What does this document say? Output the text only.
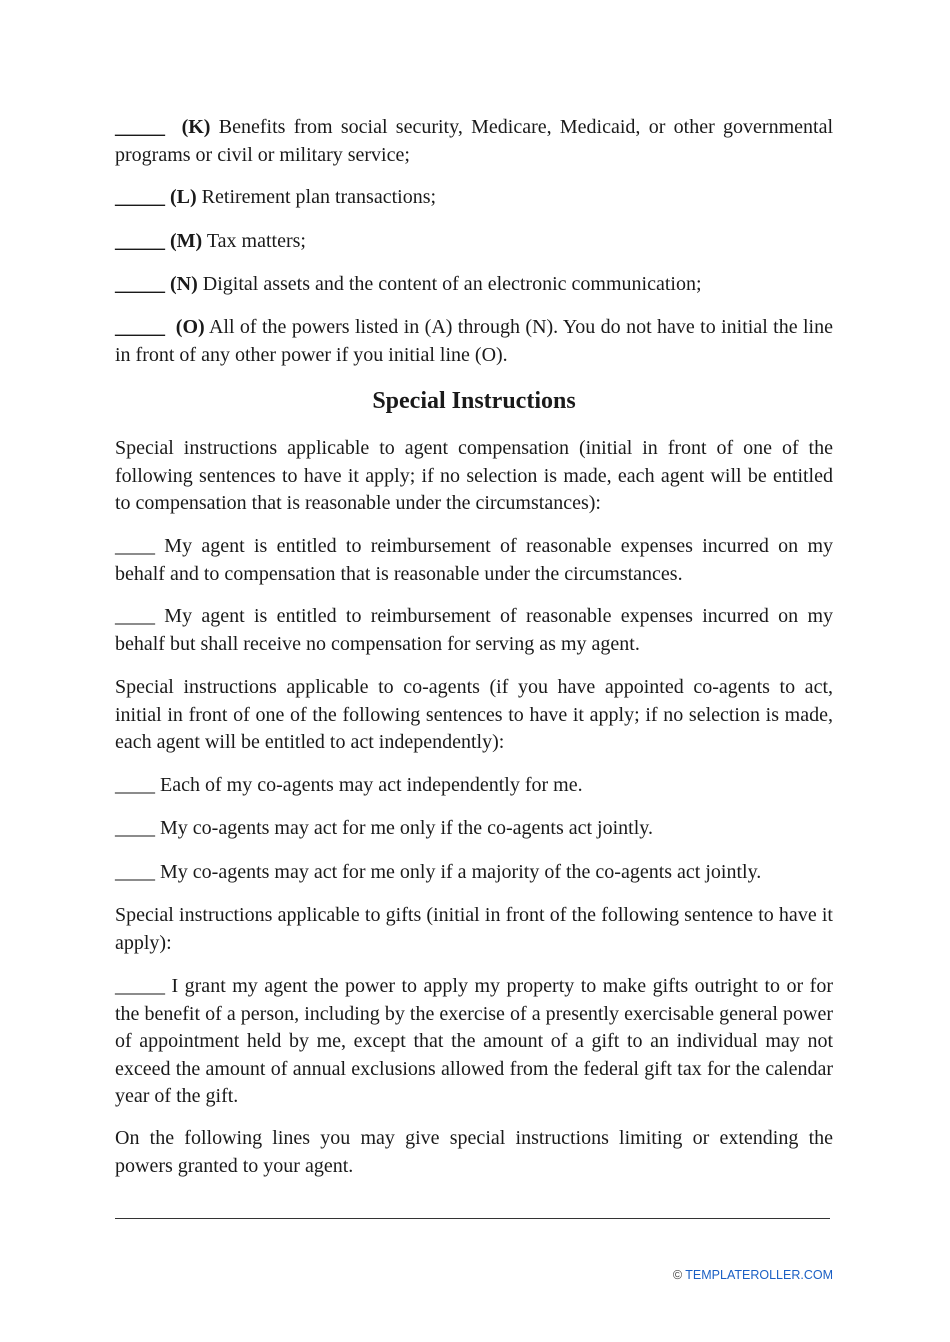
_____ (K) Benefits from social security, Medicare, Medicaid, or other governmental programs or civil or military service;

_____ (L) Retirement plan transactions;

_____ (M) Tax matters;

_____ (N) Digital assets and the content of an electronic communication;

_____ (O) All of the powers listed in (A) through (N). You do not have to initial the line in front of any other power if you initial line (O).

Special Instructions

Special instructions applicable to agent compensation (initial in front of one of the following sentences to have it apply; if no selection is made, each agent will be entitled to compensation that is reasonable under the circumstances):

____ My agent is entitled to reimbursement of reasonable expenses incurred on my behalf and to compensation that is reasonable under the circumstances.

____ My agent is entitled to reimbursement of reasonable expenses incurred on my behalf but shall receive no compensation for serving as my agent.

Special instructions applicable to co-agents (if you have appointed co-agents to act, initial in front of one of the following sentences to have it apply; if no selection is made, each agent will be entitled to act independently):

____ Each of my co-agents may act independently for me.

____ My co-agents may act for me only if the co-agents act jointly.

____ My co-agents may act for me only if a majority of the co-agents act jointly.

Special instructions applicable to gifts (initial in front of the following sentence to have it apply):

_____ I grant my agent the power to apply my property to make gifts outright to or for the benefit of a person, including by the exercise of a presently exercisable general power of appointment held by me, except that the amount of a gift to an individual may not exceed the amount of annual exclusions allowed from the federal gift tax for the calendar year of the gift.

On the following lines you may give special instructions limiting or extending the powers granted to your agent.

© TEMPLATEROLLER.COM
